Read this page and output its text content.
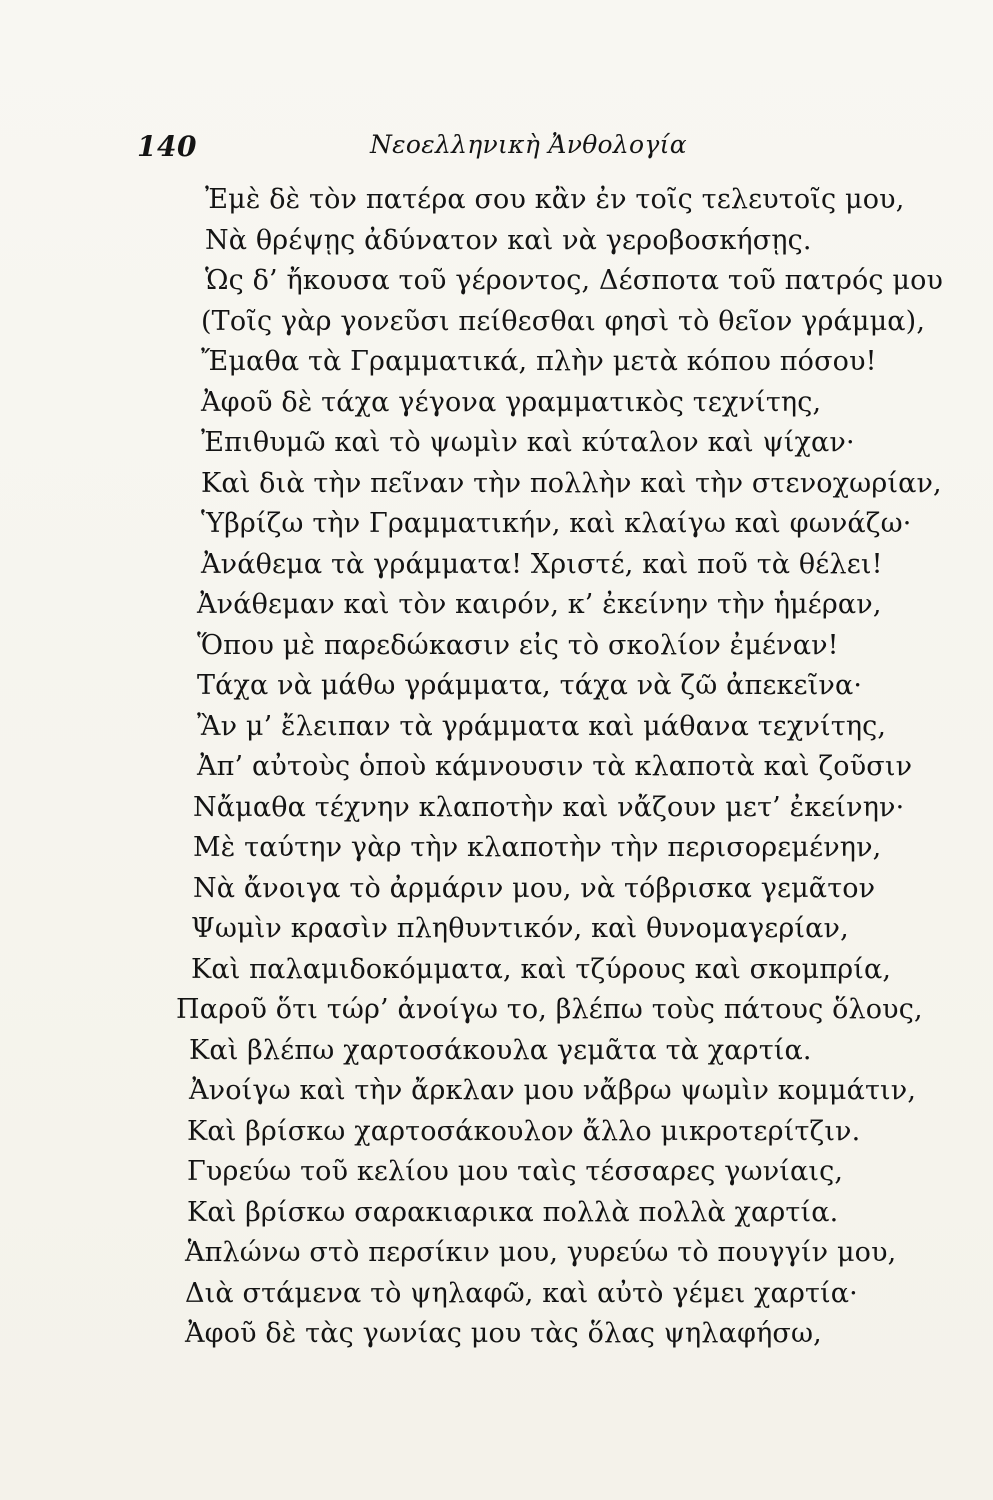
140	Νεοελληνικὴ Ἀνθολογία
Ἐμὲ δὲ τὸν πατέρα σου κἂν ἐν τοῖς τελευτοῖς μου,
Νὰ θρέψῃς ἀδύνατον καὶ νὰ γεροβοσκήσῃς.
Ὡς δ’ ἤκουσα τοῦ γέροντος, Δέσποτα τοῦ πατρός μου
(Τοῖς γὰρ γονεῦσι πείθεσθαι φησὶ τὸ θεῖον γράμμα),
Ἔμαθα τὰ Γραμματικά, πλὴν μετὰ κόπου πόσου!
Ἀφοῦ δὲ τάχα γέγονα γραμματικὸς τεχνίτης,
Ἐπιθυμῶ καὶ τὸ ψωμὶν καὶ κύταλον καὶ ψίχαν·
Καὶ διὰ τὴν πεῖναν τὴν πολλὴν καὶ τὴν στενοχωρίαν,
Ὑβρίζω τὴν Γραμματικήν, καὶ κλαίγω καὶ φωνάζω·
Ἀνάθεμα τὰ γράμματα! Χριστέ, καὶ ποῦ τὰ θέλει!
Ἀνάθεμαν καὶ τὸν καιρόν, κ’ ἐκείνην τὴν ἡμέραν,
Ὅπου μὲ παρεδώκασιν εἰς τὸ σκολίον ἐμέναν!
Τάχα νὰ μάθω γράμματα, τάχα νὰ ζῶ ἀπεκεῖνα·
Ἂν μ’ ἔλειπαν τὰ γράμματα καὶ μάθανα τεχνίτης,
Ἀπ’ αὐτοὺς ὁποὺ κάμνουσιν τὰ κλαποτὰ καὶ ζοῦσιν
Νἄμαθα τέχνην κλαποτὴν καὶ νἄζουν μετ’ ἐκείνην·
Μὲ ταύτην γὰρ τὴν κλαποτὴν τὴν περισορεμένην,
Νὰ ἄνοιγα τὸ ἀρμάριν μου, νὰ τόβρισκα γεμᾶτον
Ψωμὶν κρασὶν πληθυντικόν, καὶ θυνομαγερίαν,
Καὶ παλαμιδοκόμματα, καὶ τζύρους καὶ σκομπρία,
Παροῦ ὅτι τώρ’ ἀνοίγω το, βλέπω τοὺς πάτους ὅλους,
Καὶ βλέπω χαρτοσάκουλα γεμᾶτα τὰ χαρτία.
Ἀνοίγω καὶ τὴν ἄρκλαν μου νἄβρω ψωμὶν κομμάτιν,
Καὶ βρίσκω χαρτοσάκουλον ἄλλο μικροτερίτζιν.
Γυρεύω τοῦ κελίου μου ταὶς τέσσαρες γωνίαις,
Καὶ βρίσκω σαρακιαρικα πολλὰ πολλὰ χαρτία.
Ἁπλώνω στὸ περσίκιν μου, γυρεύω τὸ πουγγίν μου,
Διὰ στάμενα τὸ ψηλαφῶ, καὶ αὐτὸ γέμει χαρτία·
Ἀφοῦ δὲ τὰς γωνίας μου τὰς ὅλας ψηλαφήσω,
